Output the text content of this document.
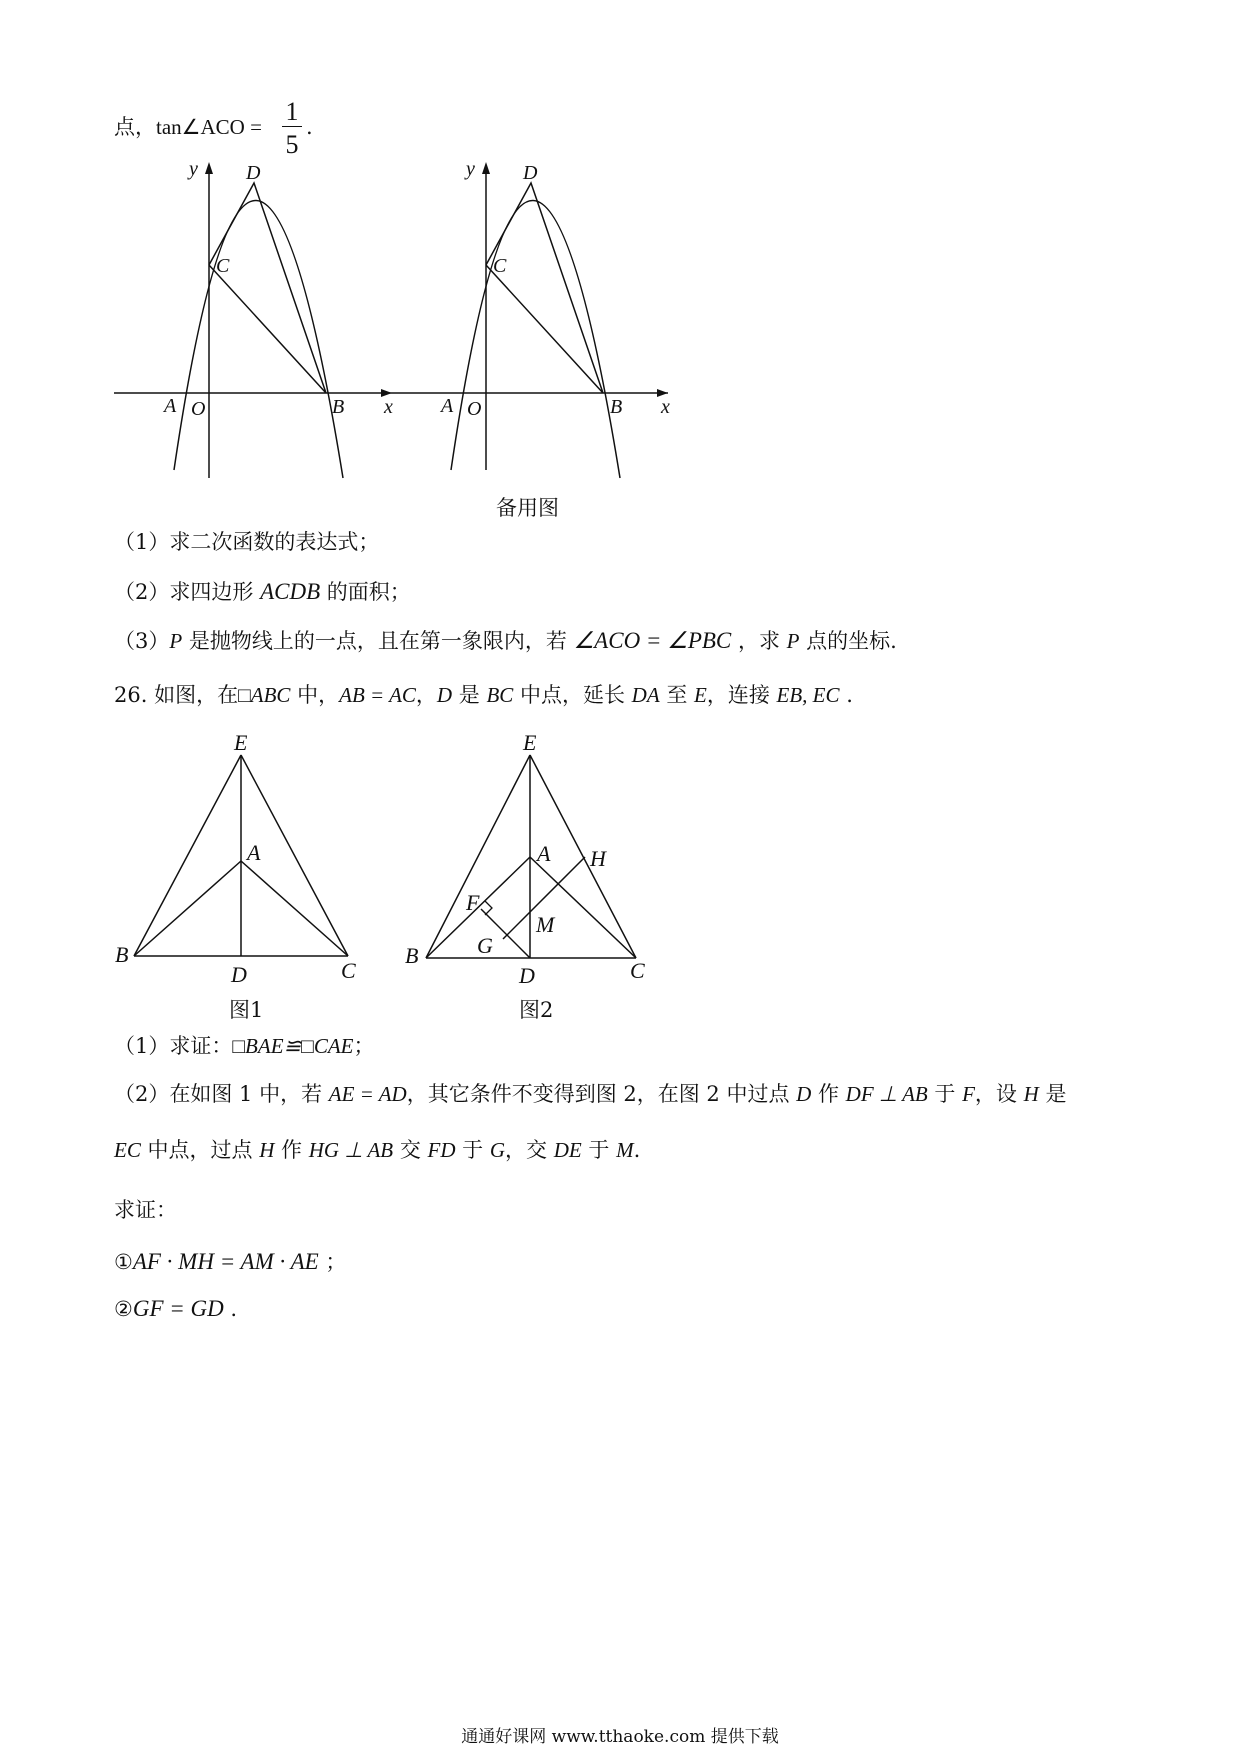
点，tan∠ACO =
1
5
.
y D
C
A O	B x
y D
C
A O	B x
备用图
（1）求二次函数的表达式；
（2）求四边形 ACDB 的面积；
（3）P 是抛物线上的一点，且在第一象限内，若 ∠ACO = ∠PBC ，求 P 点的坐标.
26. 如图，在□ABC 中，AB = AC，D 是 BC 中点，延长 DA 至 E，连接 EB, EC .
E
A
B
D	C
图1
E
A H
F
M
G
B
D	C
图2
（1）求证：□BAE≌□CAE；
（2）在如图 1 中，若 AE = AD，其它条件不变得到图 2，在图 2 中过点 D 作 DF ⊥ AB 于 F，设 H 是
EC 中点，过点 H 作 HG ⊥ AB 交 FD 于 G，交 DE 于 M.
求证：
①AF · MH = AM · AE ；
②GF = GD .
通通好课网 www.tthaoke.com 提供下载
